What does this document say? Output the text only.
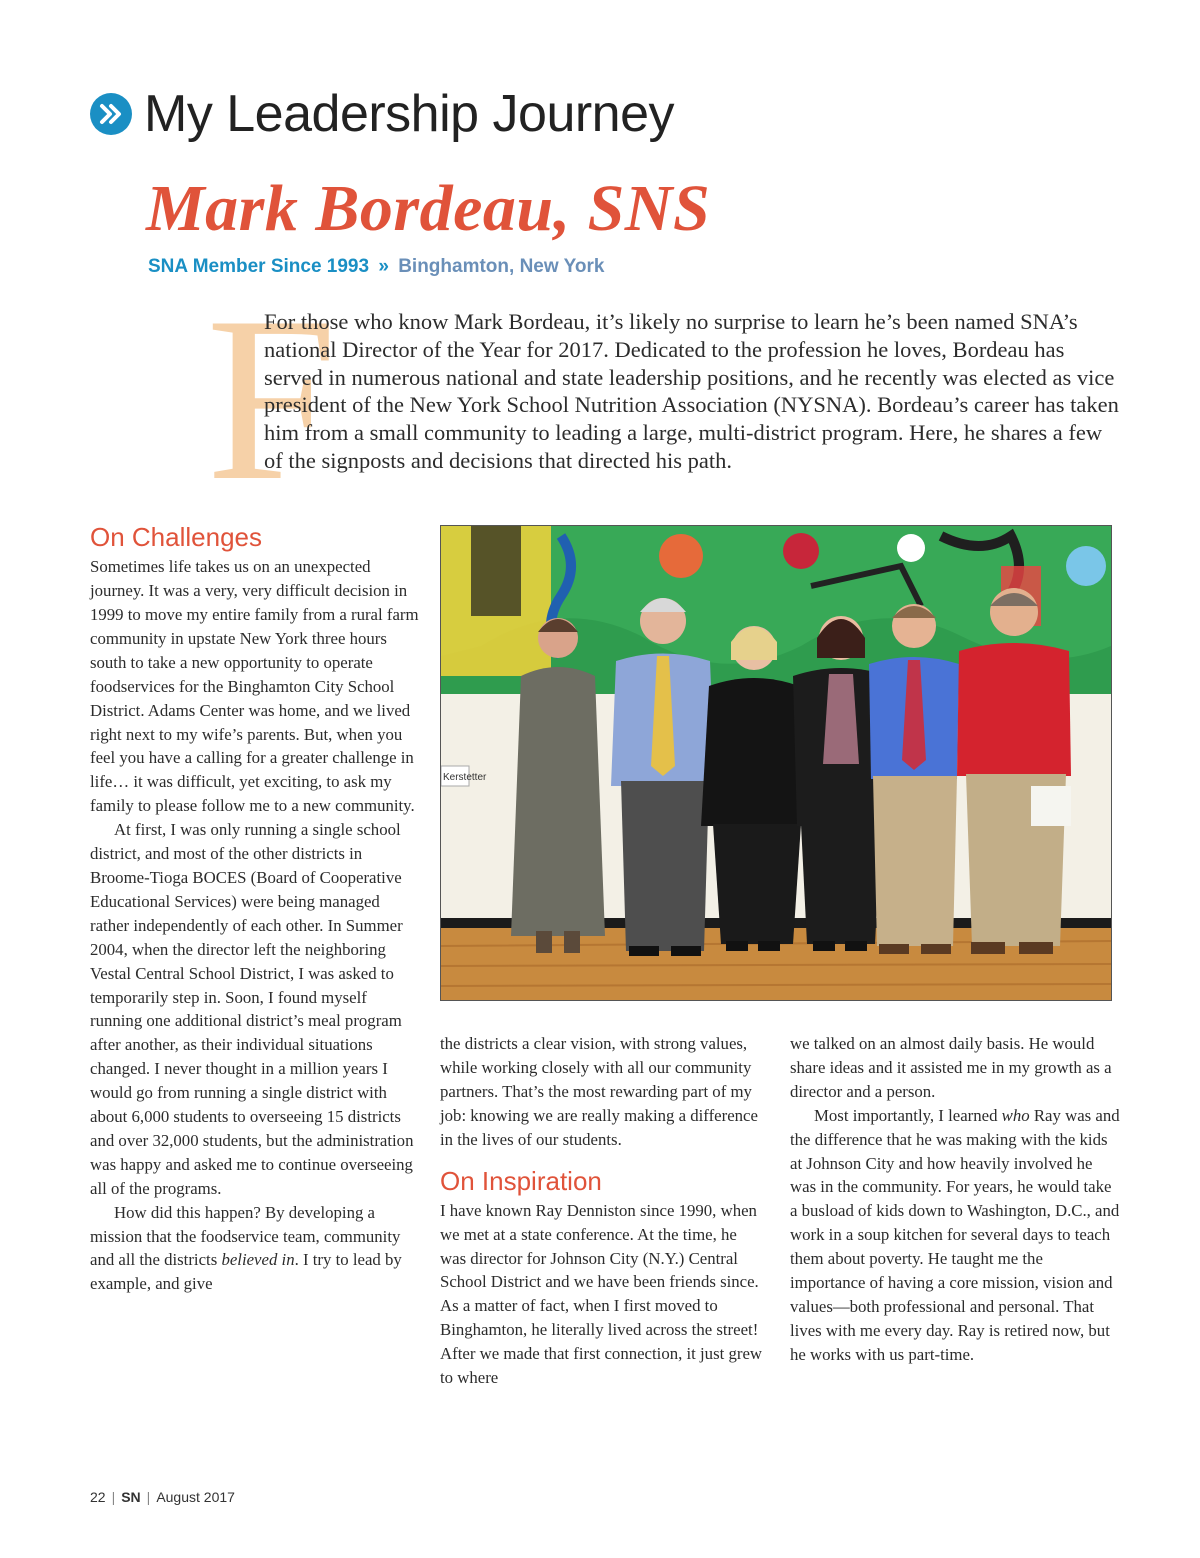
My Leadership Journey
Mark Bordeau, SNS
SNA Member Since 1993 » Binghamton, New York
F

For those who know Mark Bordeau, it’s likely no surprise to learn he’s been named SNA’s national Director of the Year for 2017. Dedicated to the profession he loves, Bordeau has served in numerous national and state leadership positions, and he recently was elected as vice president of the New York School Nutrition Association (NYSNA). Bordeau’s career has taken him from a small community to leading a large, multi-district program. Here, he shares a few of the signposts and decisions that directed his path.

On Challenges

Sometimes life takes us on an unexpected journey. It was a very, very difficult decision in 1999 to move my entire family from a rural farm community in upstate New York three hours south to take a new opportunity to operate foodservices for the Binghamton City School District. Adams Center was home, and we lived right next to my wife’s parents. But, when you feel you have a calling for a greater challenge in life… it was difficult, yet exciting, to ask my family to please follow me to a new community.

At first, I was only running a single school district, and most of the other districts in Broome-Tioga BOCES (Board of Cooperative Educational Services) were being managed rather independently of each other. In Summer 2004, when the director left the neighboring Vestal Central School District, I was asked to temporarily step in. Soon, I found myself running one additional district’s meal program after another, as their individual situations changed. I never thought in a million years I would go from running a single district with about 6,000 students to overseeing 15 districts and over 32,000 students, but the administration was happy and asked me to continue overseeing all of the programs.

How did this happen? By developing a mission that the foodservice team, community and all the districts believed in. I try to lead by example, and give

Kerstetter

the districts a clear vision, with strong values, while working closely with all our community partners. That’s the most rewarding part of my job: knowing we are really making a difference in the lives of our students.

On Inspiration

I have known Ray Denniston since 1990, when we met at a state conference. At the time, he was director for Johnson City (N.Y.) Central School District and we have been friends since. As a matter of fact, when I first moved to Binghamton, he literally lived across the street! After we made that first connection, it just grew to where

we talked on an almost daily basis. He would share ideas and it assisted me in my growth as a director and a person.

Most importantly, I learned who Ray was and the difference that he was making with the kids at Johnson City and how heavily involved he was in the community. For years, he would take a busload of kids down to Washington, D.C., and work in a soup kitchen for several days to teach them about poverty. He taught me the importance of having a core mission, vision and values—both professional and personal. That lives with me every day. Ray is retired now, but he works with us part-time.

22 | SN | August 2017
